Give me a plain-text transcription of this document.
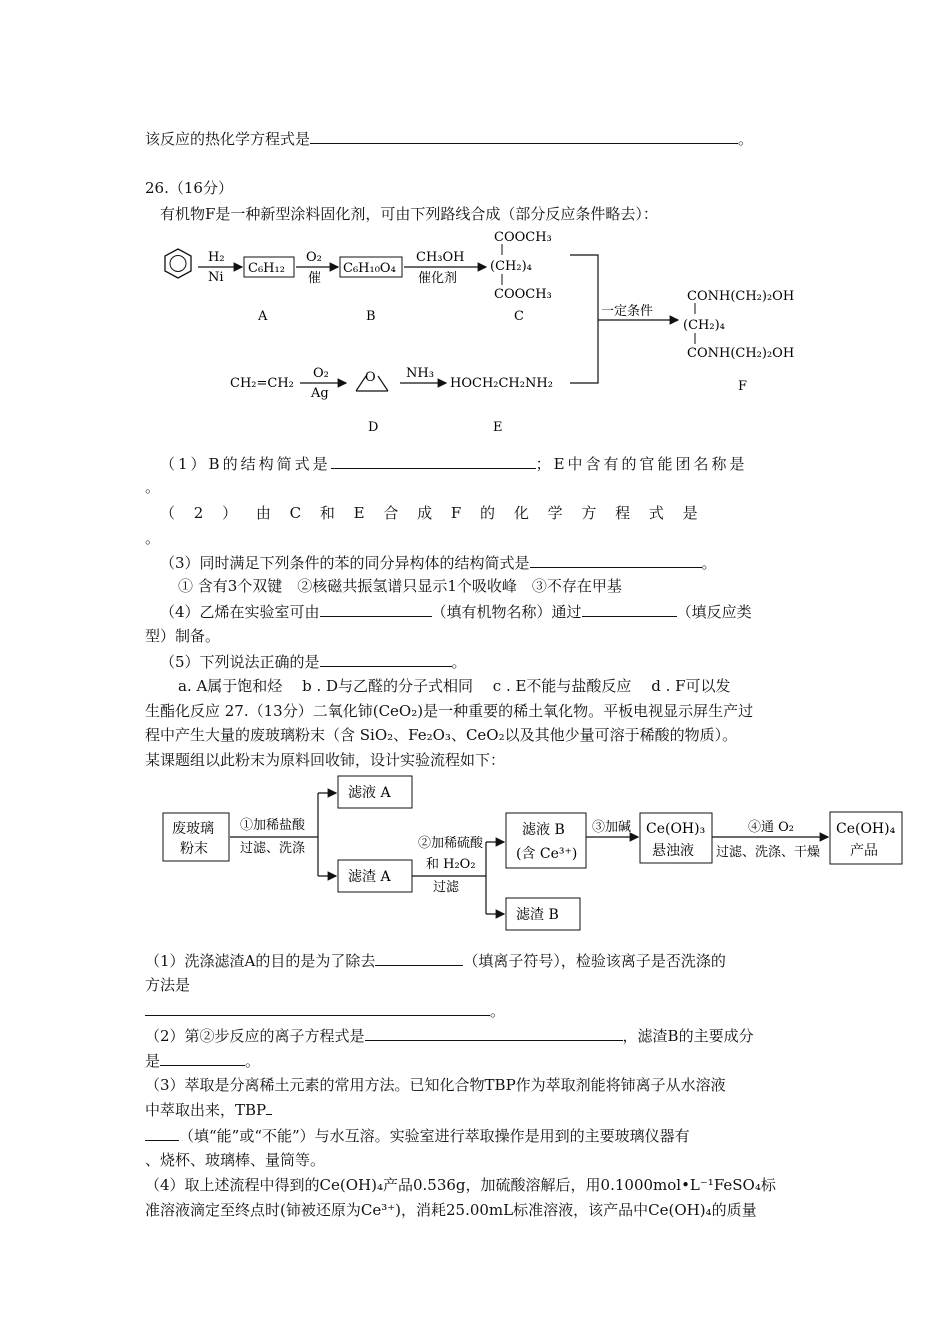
该反应的热化学方程式是	。
26.（16分）
有机物F是一种新型涂料固化剂，可由下列路线合成（部分反应条件略去）：
H₂
Ni
C₆H₁₂
O₂
催
C₆H₁₀O₄
CH₃OH
催化剂
COOCH₃
(CH₂)₄
COOCH₃
一定条件
CONH(CH₂)₂OH
(CH₂)₄
CONH(CH₂)₂OH
A	B	C
F
CH₂=CH₂
O₂
Ag
O NH₃
HOCH₂CH₂NH₂
D	E
（1）B的结构简式是	；E中含有的官能团名称是
。
（ 2 ） 由 C 和 E 合 成 F 的 化 学 方 程 式 是
。
（3）同时满足下列条件的苯的同分异构体的结构简式是	。
① 含有3个双键　②核磁共振氢谱只显示1个吸收峰　③不存在甲基
（4）乙烯在实验室可由	（填有机物名称）通过	（填反应类
型）制备。
（5）下列说法正确的是	。
a. A属于饱和烃　 b . D与乙醛的分子式相同　 c . E不能与盐酸反应　 d . F可以发
生酯化反应 27.（13分）二氧化铈(CeO₂)是一种重要的稀土氧化物。平板电视显示屏生产过
程中产生大量的废玻璃粉末（含 SiO₂、Fe₂O₃、CeO₂以及其他少量可溶于稀酸的物质）。
某课题组以此粉末为原料回收铈，设计实验流程如下：
废玻璃
粉末
①加稀盐酸
过滤、洗涤
滤液 A
滤渣 A
②加稀硫酸
和 H₂O₂
过滤
滤液 B
(含 Ce³⁺)
滤渣 B
③加碱 Ce(OH)₃
悬浊液
④通 O₂
过滤、洗涤、干燥
Ce(OH)₄
产品
（1）洗涤滤渣A的目的是为了除去	（填离子符号），检验该离子是否洗涤的
方法是
。
（2）第②步反应的离子方程式是	，滤渣B的主要成分
是	。
（3）萃取是分离稀土元素的常用方法。已知化合物TBP作为萃取剂能将铈离子从水溶液
中萃取出来，TBP
（填“能”或“不能”）与水互溶。实验室进行萃取操作是用到的主要玻璃仪器有
、烧杯、玻璃棒、量筒等。
（4）取上述流程中得到的Ce(OH)₄产品0.536g，加硫酸溶解后，用0.1000mol•L⁻¹FeSO₄标
准溶液滴定至终点时(铈被还原为Ce³⁺)，消耗25.00mL标准溶液，该产品中Ce(OH)₄的质量
